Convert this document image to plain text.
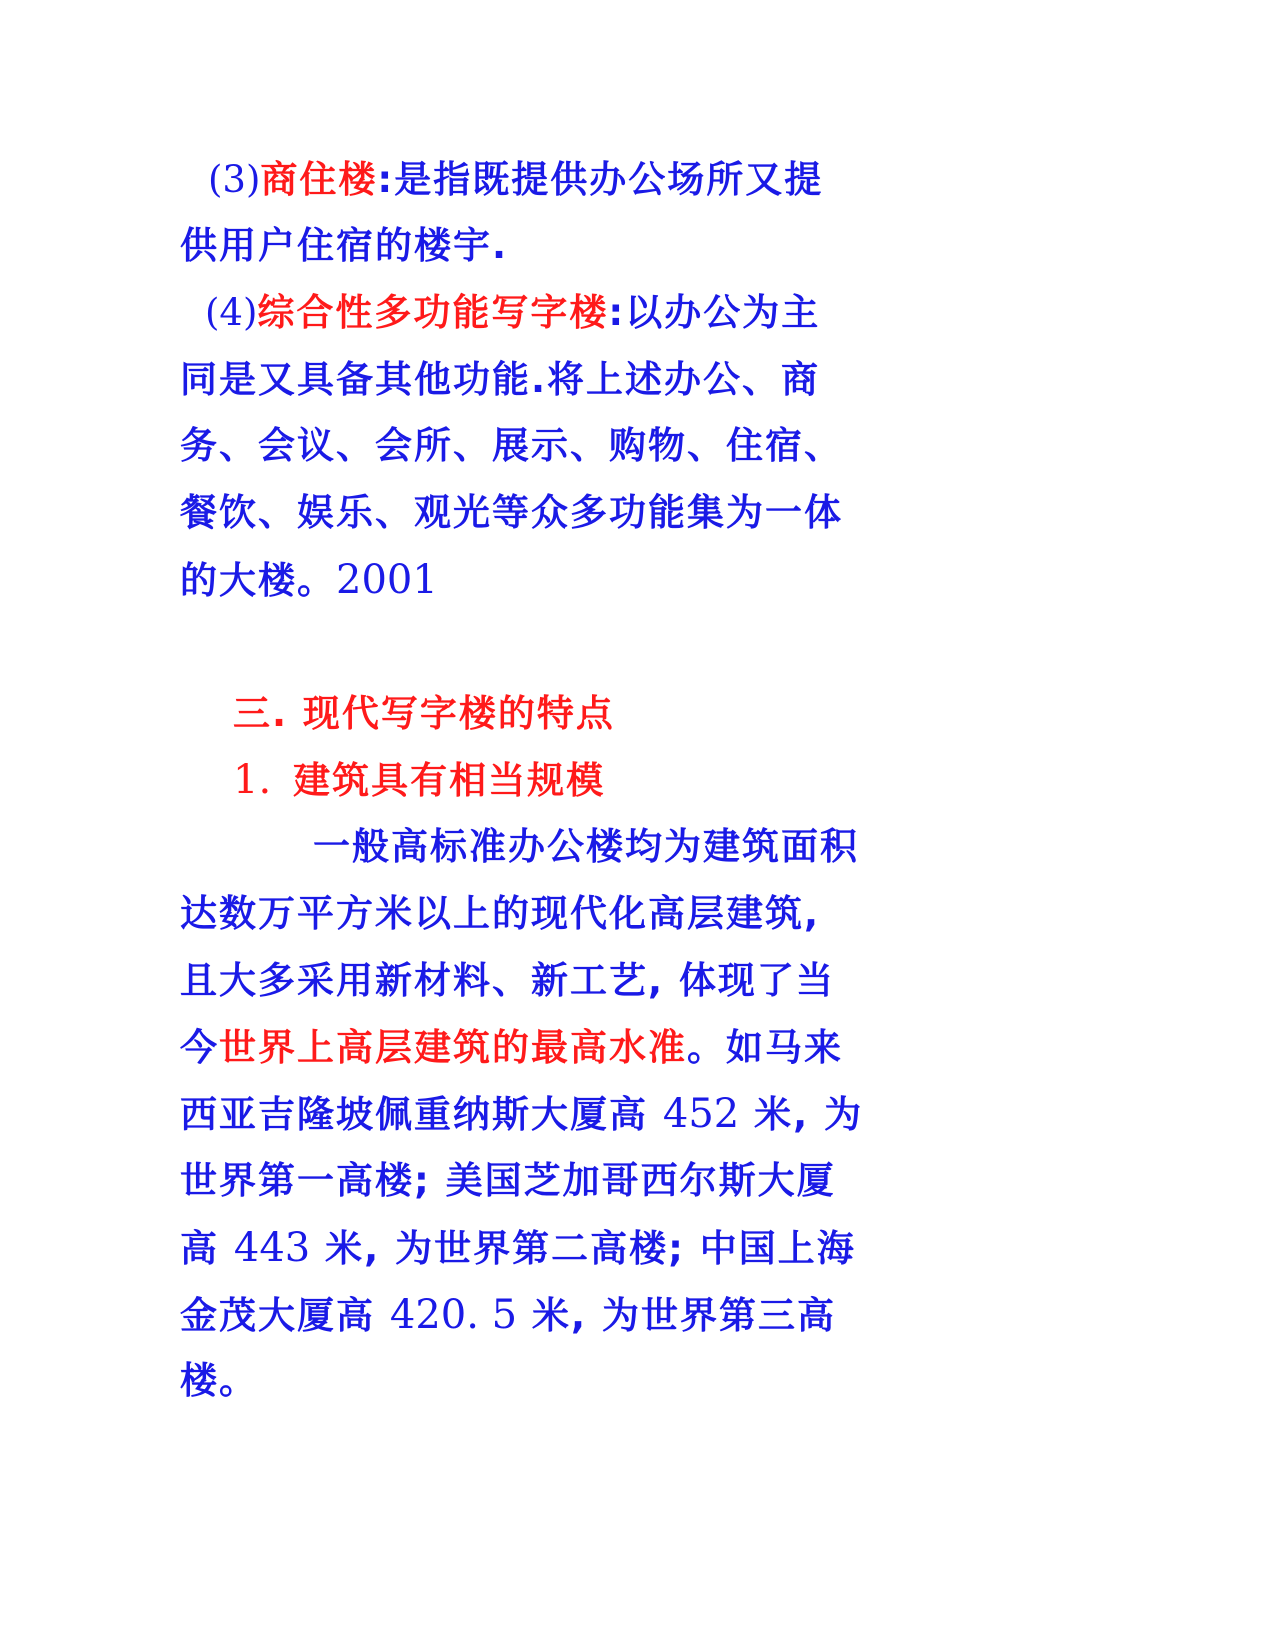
(3)商住楼:是指既提供办公场所又提
供用户住宿的楼宇.
(4)综合性多功能写字楼:以办公为主
同是又具备其他功能.将上述办公、商
务、会议、会所、展示、购物、住宿、
餐饮、娱乐、观光等众多功能集为一体
的大楼。2001
三. 现代写字楼的特点
1. 建筑具有相当规模
一般高标准办公楼均为建筑面积
达数万平方米以上的现代化高层建筑,
且大多采用新材料、新工艺, 体现了当
今世界上高层建筑的最高水准。如马来
西亚吉隆坡佩重纳斯大厦高 452 米, 为
世界第一高楼; 美国芝加哥西尔斯大厦
高 443 米, 为世界第二高楼; 中国上海
金茂大厦高 420. 5 米, 为世界第三高
楼。
